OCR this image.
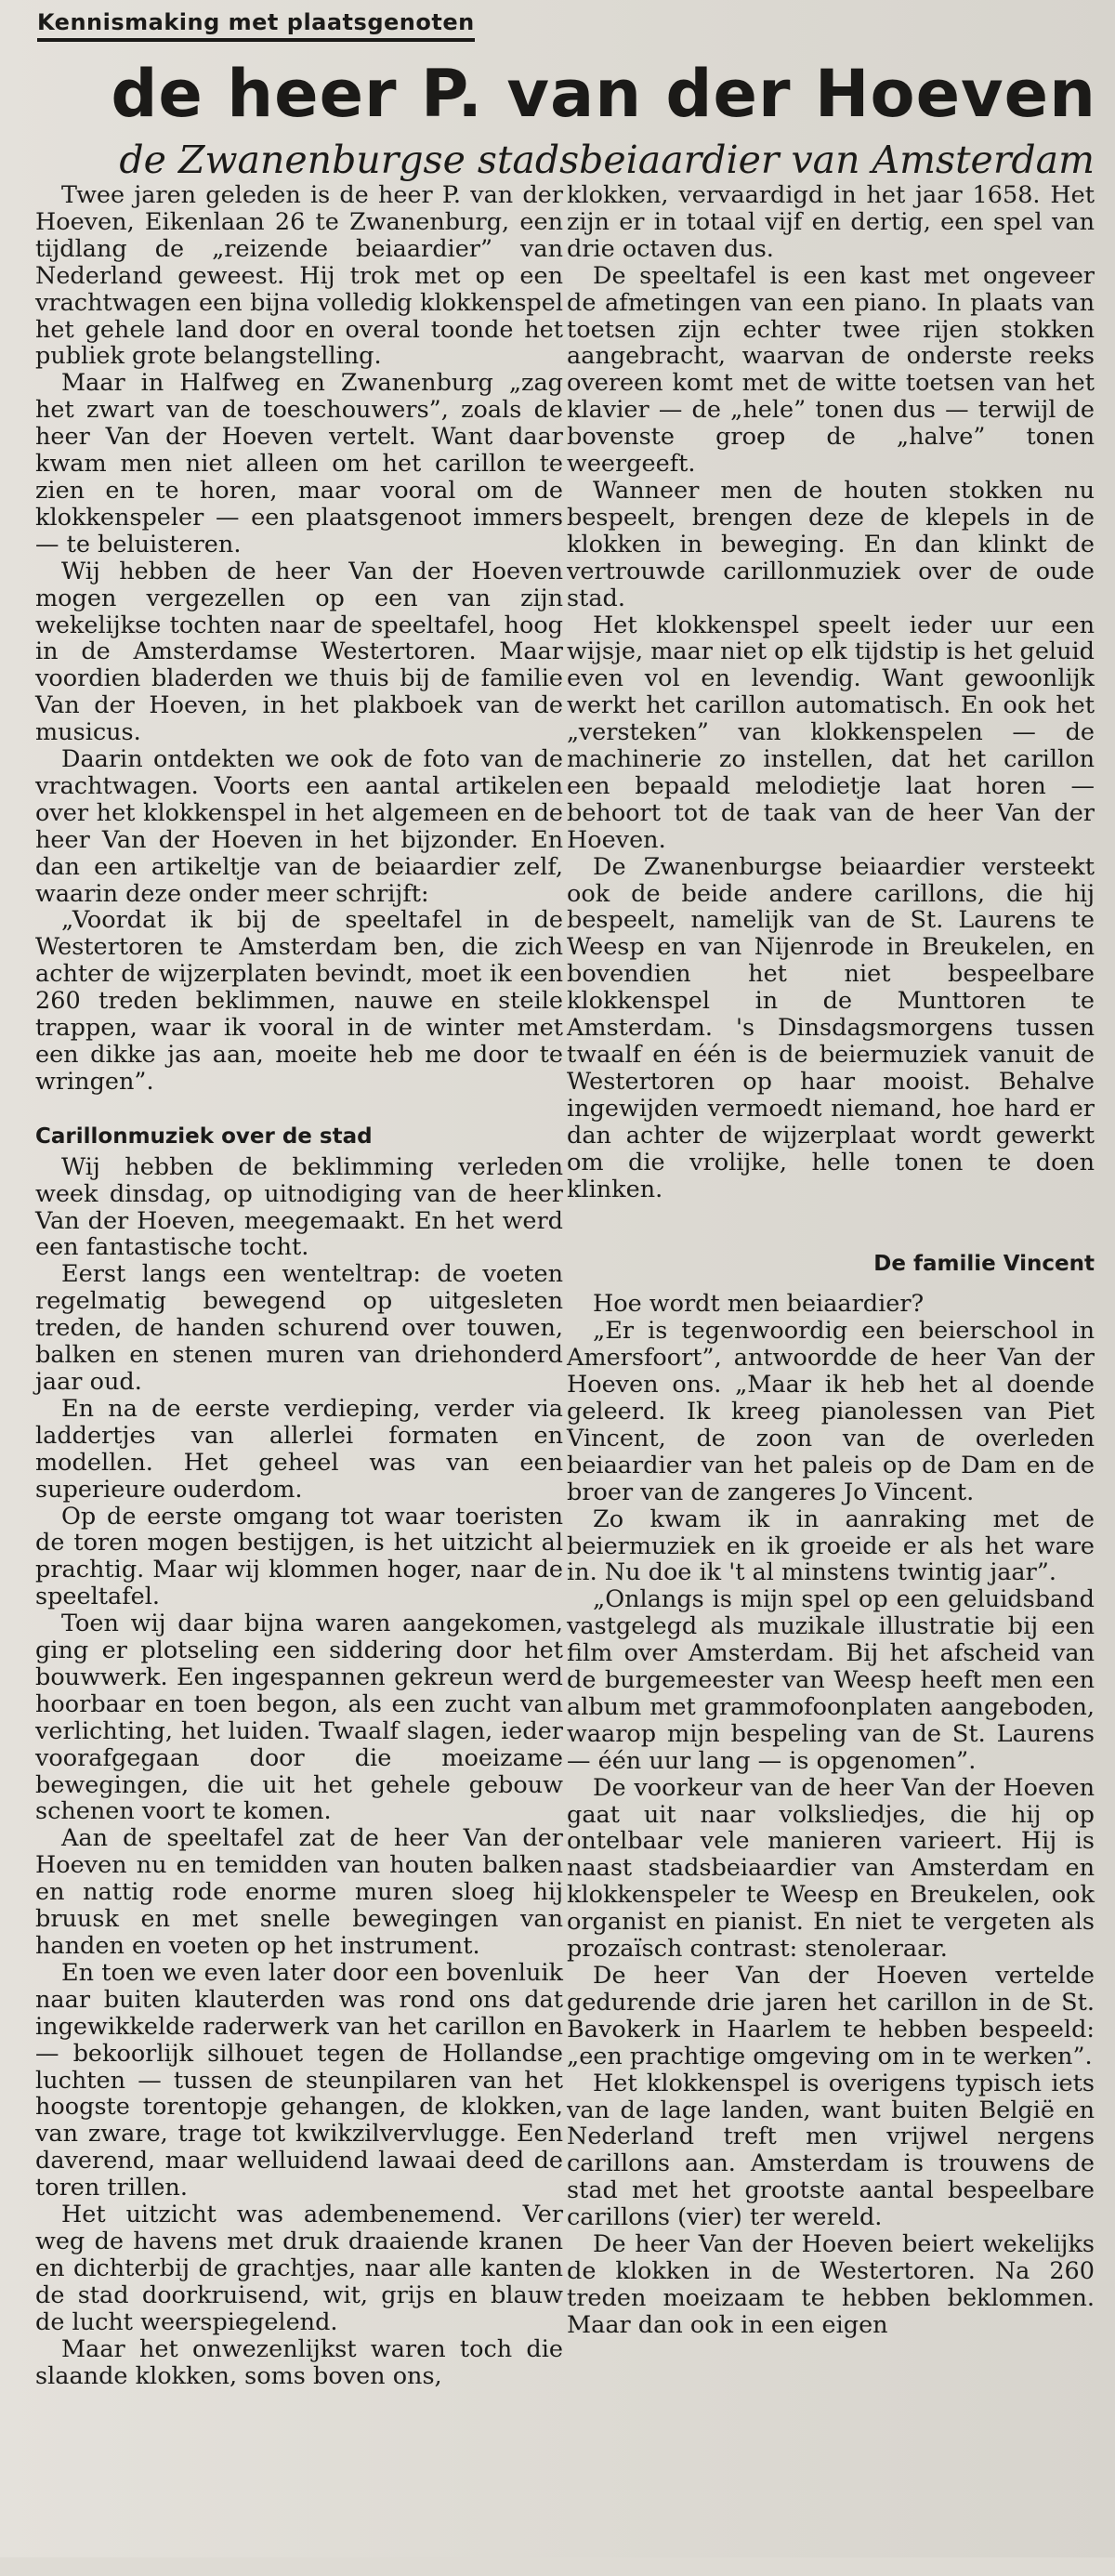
Kennismaking met plaatsgenoten
de heer P. van der Hoeven
de Zwanenburgse stadsbeiaardier van Amsterdam

Twee jaren geleden is de heer P. van der Hoeven, Eikenlaan 26 te Zwanenburg, een tijdlang de „reizende beiaardier” van Nederland geweest. Hij trok met op een vrachtwagen een bijna volledig klokkenspel het gehele land door en overal toonde het publiek grote belangstelling.

Maar in Halfweg en Zwanenburg „zag het zwart van de toeschouwers”, zoals de heer Van der Hoeven vertelt. Want daar kwam men niet alleen om het carillon te zien en te horen, maar vooral om de klokkenspeler — een plaatsgenoot immers — te beluisteren.

Wij hebben de heer Van der Hoeven mogen vergezellen op een van zijn wekelijkse tochten naar de speeltafel, hoog in de Amsterdamse Westertoren. Maar voordien bladerden we thuis bij de familie Van der Hoeven, in het plakboek van de musicus.

Daarin ontdekten we ook de foto van de vrachtwagen. Voorts een aantal artikelen over het klokkenspel in het algemeen en de heer Van der Hoeven in het bijzonder. En dan een artikeltje van de beiaardier zelf, waarin deze onder meer schrijft:

„Voordat ik bij de speeltafel in de Westertoren te Amsterdam ben, die zich achter de wijzerplaten bevindt, moet ik een 260 treden beklimmen, nauwe en steile trappen, waar ik vooral in de winter met een dikke jas aan, moeite heb me door te wringen”.

Carillonmuziek over de stad

Wij hebben de beklimming verleden week dinsdag, op uitnodiging van de heer Van der Hoeven, meegemaakt. En het werd een fantastische tocht.

Eerst langs een wenteltrap: de voeten regelmatig bewegend op uitgesleten treden, de handen schurend over touwen, balken en stenen muren van driehonderd jaar oud.

En na de eerste verdieping, verder via laddertjes van allerlei formaten en modellen. Het geheel was van een superieure ouderdom.

Op de eerste omgang tot waar toeristen de toren mogen bestijgen, is het uitzicht al prachtig. Maar wij klommen hoger, naar de speeltafel.

Toen wij daar bijna waren aangekomen, ging er plotseling een siddering door het bouwwerk. Een ingespannen gekreun werd hoorbaar en toen begon, als een zucht van verlichting, het luiden. Twaalf slagen, ieder voorafgegaan door die moeizame bewegingen, die uit het gehele gebouw schenen voort te komen.

Aan de speeltafel zat de heer Van der Hoeven nu en temidden van houten balken en nattig rode enorme muren sloeg hij bruusk en met snelle bewegingen van handen en voeten op het instrument.

En toen we even later door een bovenluik naar buiten klauterden was rond ons dat ingewikkelde raderwerk van het carillon en — bekoorlijk silhouet tegen de Hollandse luchten — tussen de steunpilaren van het hoogste torentopje gehangen, de klokken, van zware, trage tot kwikzilvervlugge. Een daverend, maar welluidend lawaai deed de toren trillen.

Het uitzicht was adembenemend. Ver weg de havens met druk draaiende kranen en dichterbij de grachtjes, naar alle kanten de stad doorkruisend, wit, grijs en blauw de lucht weerspiegelend.

Maar het onwezenlijkst waren toch die slaande klokken, soms boven ons,

klokken, vervaardigd in het jaar 1658. Het zijn er in totaal vijf en dertig, een spel van drie octaven dus.

De speeltafel is een kast met ongeveer de afmetingen van een piano. In plaats van toetsen zijn echter twee rijen stokken aangebracht, waarvan de onderste reeks overeen komt met de witte toetsen van het klavier — de „hele” tonen dus — terwijl de bovenste groep de „halve” tonen weergeeft.

Wanneer men de houten stokken nu bespeelt, brengen deze de klepels in de klokken in beweging. En dan klinkt de vertrouwde carillonmuziek over de oude stad.

Het klokkenspel speelt ieder uur een wijsje, maar niet op elk tijdstip is het geluid even vol en levendig. Want gewoonlijk werkt het carillon automatisch. En ook het „versteken” van klokkenspelen — de machinerie zo instellen, dat het carillon een bepaald melodietje laat horen — behoort tot de taak van de heer Van der Hoeven.

De Zwanenburgse beiaardier versteekt ook de beide andere carillons, die hij bespeelt, namelijk van de St. Laurens te Weesp en van Nijenrode in Breukelen, en bovendien het niet bespeelbare klokkenspel in de Munttoren te Amsterdam. 's Dinsdagsmorgens tussen twaalf en één is de beiermuziek vanuit de Westertoren op haar mooist. Behalve ingewijden vermoedt niemand, hoe hard er dan achter de wijzerplaat wordt gewerkt om die vrolijke, helle tonen te doen klinken.

De familie Vincent

Hoe wordt men beiaardier?

„Er is tegenwoordig een beierschool in Amersfoort”, antwoordde de heer Van der Hoeven ons. „Maar ik heb het al doende geleerd. Ik kreeg pianolessen van Piet Vincent, de zoon van de overleden beiaardier van het paleis op de Dam en de broer van de zangeres Jo Vincent.

Zo kwam ik in aanraking met de beiermuziek en ik groeide er als het ware in. Nu doe ik 't al minstens twintig jaar”.

„Onlangs is mijn spel op een geluidsband vastgelegd als muzikale illustratie bij een film over Amsterdam. Bij het afscheid van de burgemeester van Weesp heeft men een album met grammofoonplaten aangeboden, waarop mijn bespeling van de St. Laurens — één uur lang — is opgenomen”.

De voorkeur van de heer Van der Hoeven gaat uit naar volksliedjes, die hij op ontelbaar vele manieren varieert. Hij is naast stadsbeiaardier van Amsterdam en klokkenspeler te Weesp en Breukelen, ook organist en pianist. En niet te vergeten als prozaïsch contrast: stenoleraar.

De heer Van der Hoeven vertelde gedurende drie jaren het carillon in de St. Bavokerk in Haarlem te hebben bespeeld: „een prachtige omgeving om in te werken”.

Het klokkenspel is overigens typisch iets van de lage landen, want buiten België en Nederland treft men vrijwel nergens carillons aan. Amsterdam is trouwens de stad met het grootste aantal bespeelbare carillons (vier) ter wereld.

De heer Van der Hoeven beiert wekelijks de klokken in de Westertoren. Na 260 treden moeizaam te hebben beklommen. Maar dan ook in een eigen
